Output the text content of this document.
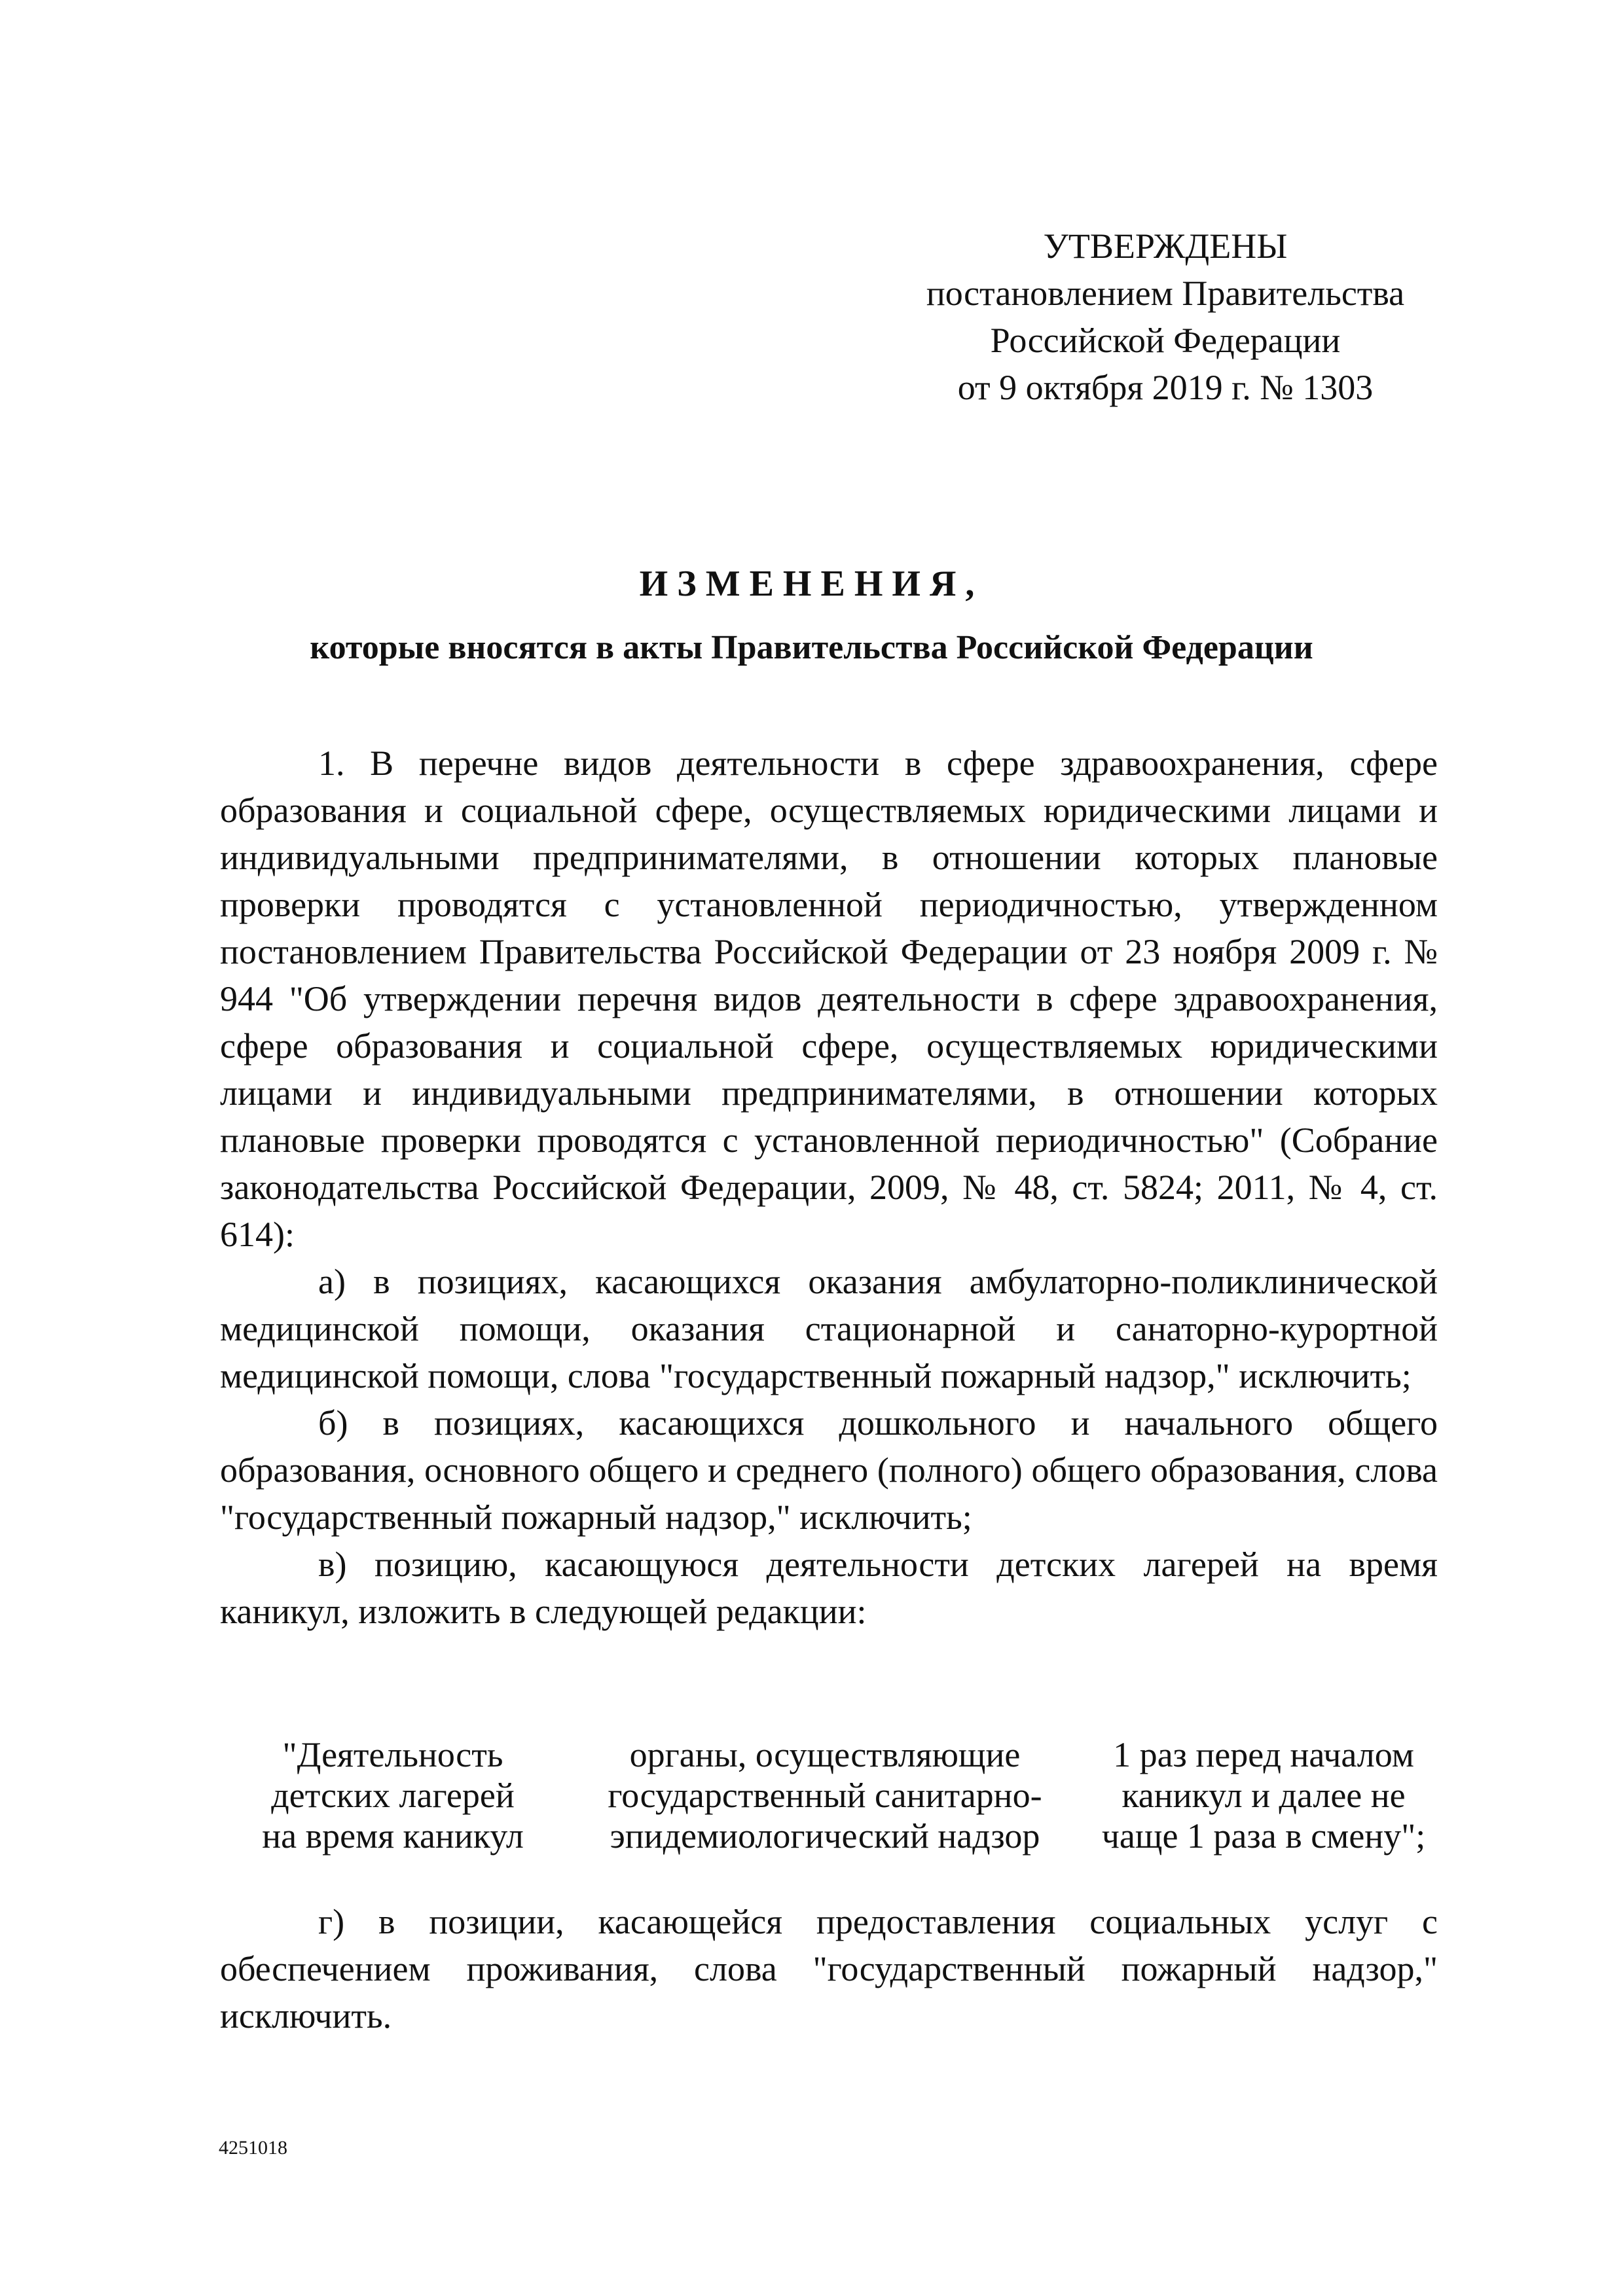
УТВЕРЖДЕНЫ
постановлением Правительства
Российской Федерации
от 9 октября 2019 г. № 1303
ИЗМЕНЕНИЯ,
которые вносятся в акты Правительства Российской Федерации

1. В перечне видов деятельности в сфере здравоохранения, сфере образования и социальной сфере, осуществляемых юридическими лицами и индивидуальными предпринимателями, в отношении которых плановые проверки проводятся с установленной периодичностью, утвержденном постановлением Правительства Российской Федерации от 23 ноября 2009 г. № 944 "Об утверждении перечня видов деятельности в сфере здравоохранения, сфере образования и социальной сфере, осуществляемых юридическими лицами и индивидуальными предпринимателями, в отношении которых плановые проверки проводятся с установленной периодичностью" (Собрание законодательства Российской Федерации, 2009, № 48, ст. 5824; 2011, № 4, ст. 614):

а) в позициях, касающихся оказания амбулаторно-поликлинической медицинской помощи, оказания стационарной и санаторно-курортной медицинской помощи, слова "государственный пожарный надзор," исключить;

б) в позициях, касающихся дошкольного и начального общего образования, основного общего и среднего (полного) общего образования, слова "государственный пожарный надзор," исключить;

в) позицию, касающуюся деятельности детских лагерей на время каникул, изложить в следующей редакции:

"Деятельность
детских лагерей
на время каникул
органы, осуществляющие
государственный санитарно-
эпидемиологический надзор
1 раз перед началом
каникул и далее не
чаще 1 раза в смену";

г) в позиции, касающейся предоставления социальных услуг с обеспечением проживания, слова "государственный пожарный надзор," исключить.

4251018
